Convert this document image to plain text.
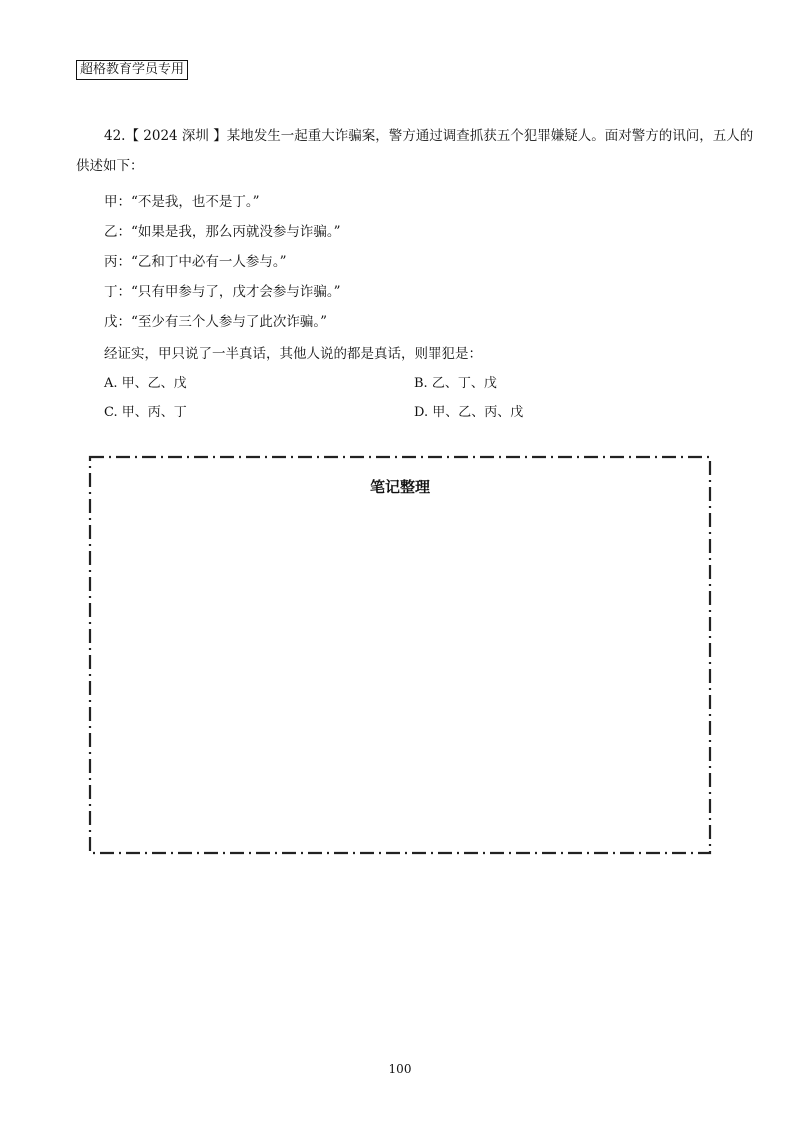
超格教育学员专用
42.【 2024 深圳 】某地发生一起重大诈骗案，警方通过调查抓获五个犯罪嫌疑人。面对警方的讯问，五人的
供述如下：
甲：“不是我，也不是丁。”
乙：“如果是我，那么丙就没参与诈骗。”
丙：“乙和丁中必有一人参与。”
丁：“只有甲参与了，戊才会参与诈骗。”
戊：“至少有三个人参与了此次诈骗。”
经证实，甲只说了一半真话，其他人说的都是真话，则罪犯是：
A. 甲、乙、戊	B. 乙、丁、戊
C. 甲、丙、丁	D. 甲、乙、丙、戊
笔记整理
100
